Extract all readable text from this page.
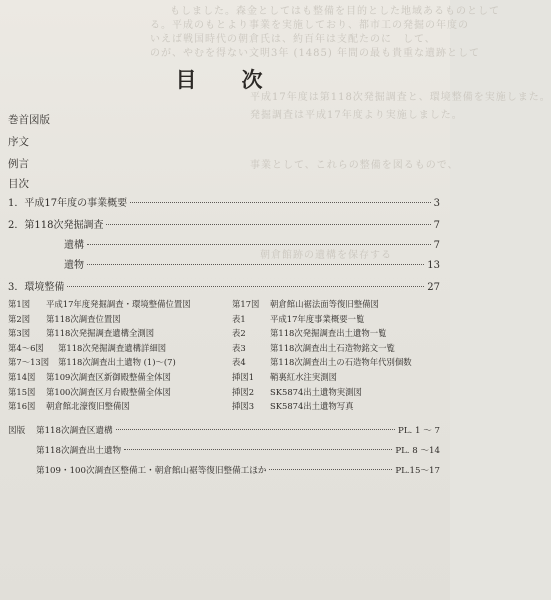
もしました。森金としてはも整備を目的とした地域あるものとして
る。平成のもとより事業を実施しており、都市工の発掘の年度の
いえば戦国時代の朝倉氏は、約百年は支配たのに　して、
のが、やむを得ない文明3年 (1485) 年間の最も貴重な遺跡として
平成17年度は第118次発掘調査と、環境整備を実施しまた。
発掘調査は平成17年度より実施しました。
事業として、これらの整備を図るもので、
朝倉館跡の遺構を保存する
目　次
巻首図版
序文
例言
目次
1．平成17年度の事業概要	3
2．第118次発掘調査	7
遺構	7
遺物	13
3．環境整備	27
第1図	平成17年度発掘調査・環境整備位置図
第2図	第118次調査位置図
第3図	第118次発掘調査遺構全測図
第4～6図	第118次発掘調査遺構詳細図
第7～13図	第118次調査出土遺物 (1)～(7)
第14図	第109次調査区新御殿整備全体図
第15図	第100次調査区月台殿整備全体図
第16図	朝倉館北濠復旧整備図
第17図	朝倉館山裾法面等復旧整備図
表1	平成17年度事業概要一覧
表2	第118次発掘調査出土遺物一覧
表3	第118次調査出土石造物銘文一覧
表4	第118次調査出土の石造物年代別個数
挿図1	鞘裏紅水注実測図
挿図2	SK5874出土遺物実測図
挿図3	SK5874出土遺物写真
図版	第118次調査区遺構	PL. 1 ～ 7
第118次調査出土遺物	PL. 8 ～14
第109・100次調査区整備工・朝倉館山裾等復旧整備工ほか	PL.15～17
